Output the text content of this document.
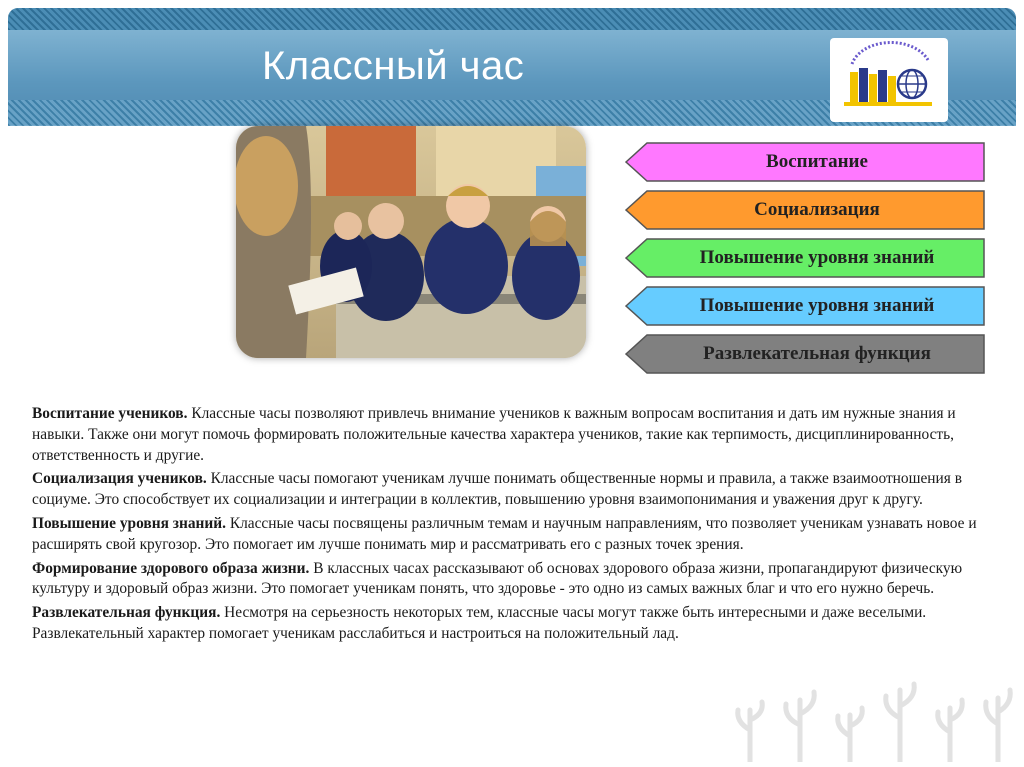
Классный час
Воспитание
Социализация
Повышение уровня знаний
Повышение уровня знаний
Развлекательная функция

Воспитание учеников. Классные часы позволяют привлечь внимание учеников к важным вопросам воспитания и дать им нужные знания и навыки. Также они могут помочь формировать положительные качества характера учеников, такие как терпимость, дисциплинированность, ответственность и другие.

Социализация учеников. Классные часы помогают ученикам лучше понимать общественные нормы и правила, а также взаимоотношения в социуме. Это способствует их социализации и интеграции в коллектив, повышению уровня взаимопонимания и уважения друг к другу.

Повышение уровня знаний. Классные часы посвящены различным темам и научным направлениям, что позволяет ученикам узнавать новое и расширять свой кругозор. Это помогает им лучше понимать мир и рассматривать его с разных точек зрения.

Формирование здорового образа жизни. В классных часах рассказывают об основах здорового образа жизни, пропагандируют физическую культуру и здоровый образ жизни. Это помогает ученикам понять, что здоровье - это одно из самых важных благ и что его нужно беречь.

Развлекательная функция. Несмотря на серьезность некоторых тем, классные часы могут также быть интересными и даже веселыми. Развлекательный характер помогает ученикам расслабиться и настроиться на положительный лад.
